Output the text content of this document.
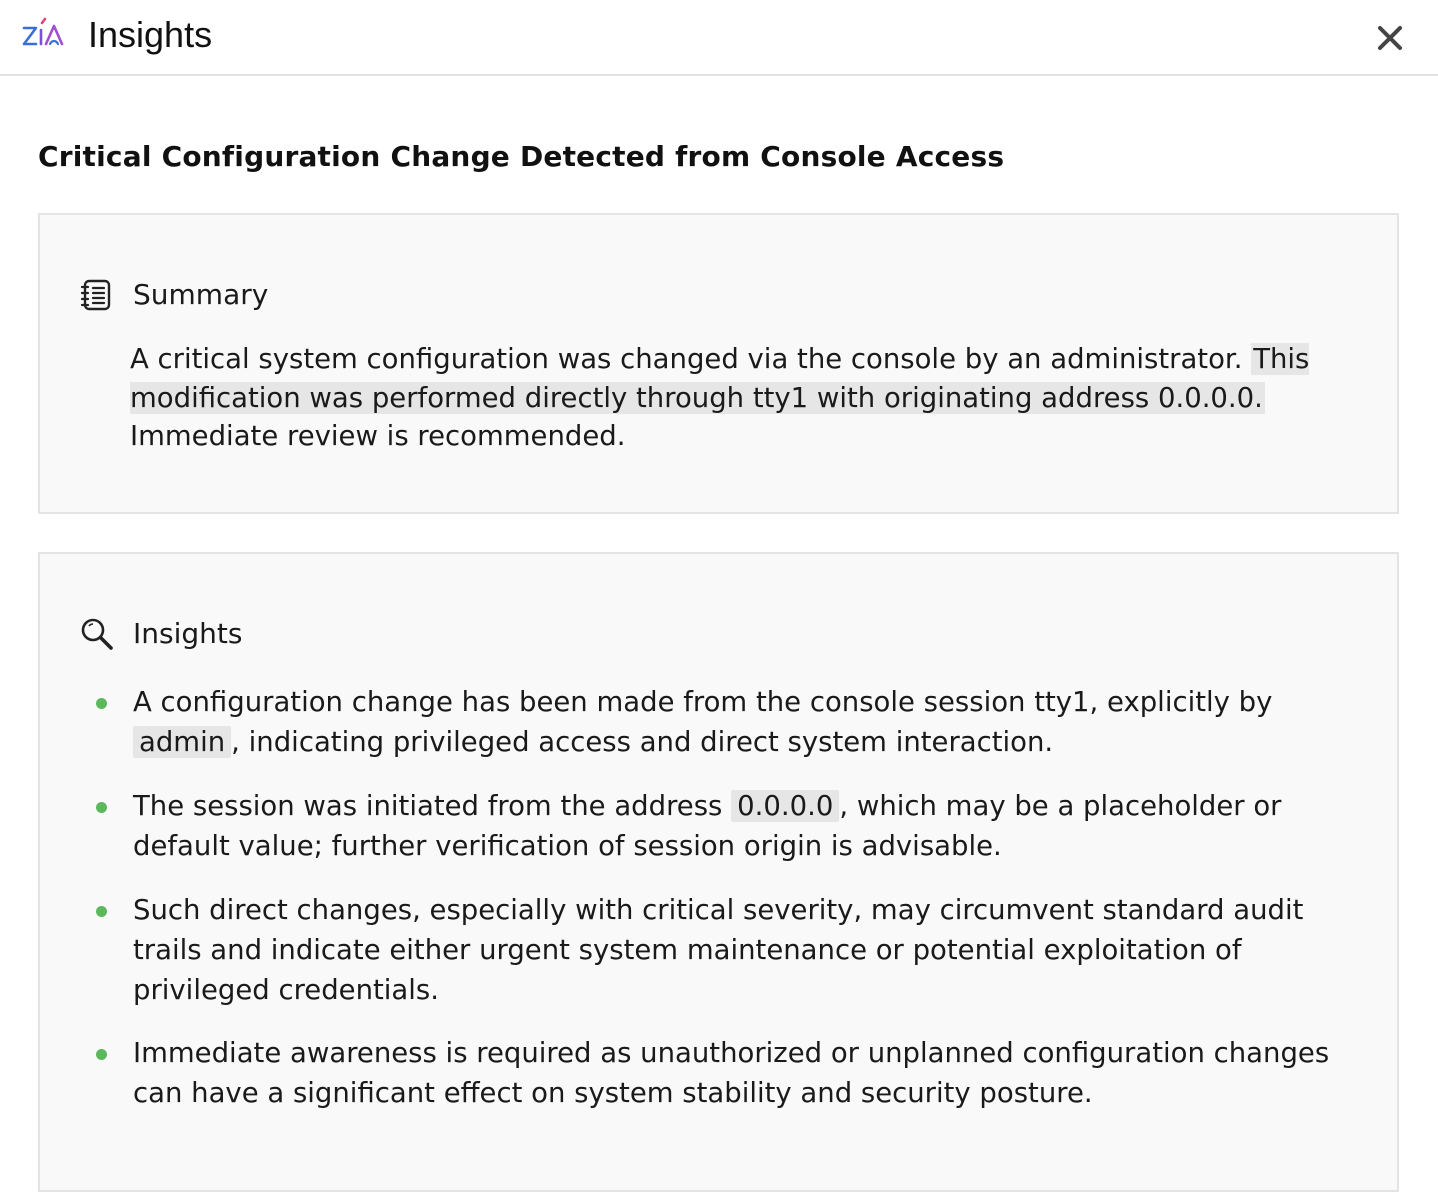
Insights
Critical Configuration Change Detected from Console Access
Summary
A critical system configuration was changed via the console by an administrator. This modification was performed directly through tty1 with originating address 0.0.0.0.
Immediate review is recommended.
Insights
A configuration change has been made from the console session tty1, explicitly by admin , indicating privileged access and direct system interaction.
The session was initiated from the address 0.0.0.0 , which may be a placeholder or default value; further verification of session origin is advisable.
Such direct changes, especially with critical severity, may circumvent standard audit trails and indicate either urgent system maintenance or potential exploitation of privileged credentials.
Immediate awareness is required as unauthorized or unplanned configuration changes can have a significant effect on system stability and security posture.
